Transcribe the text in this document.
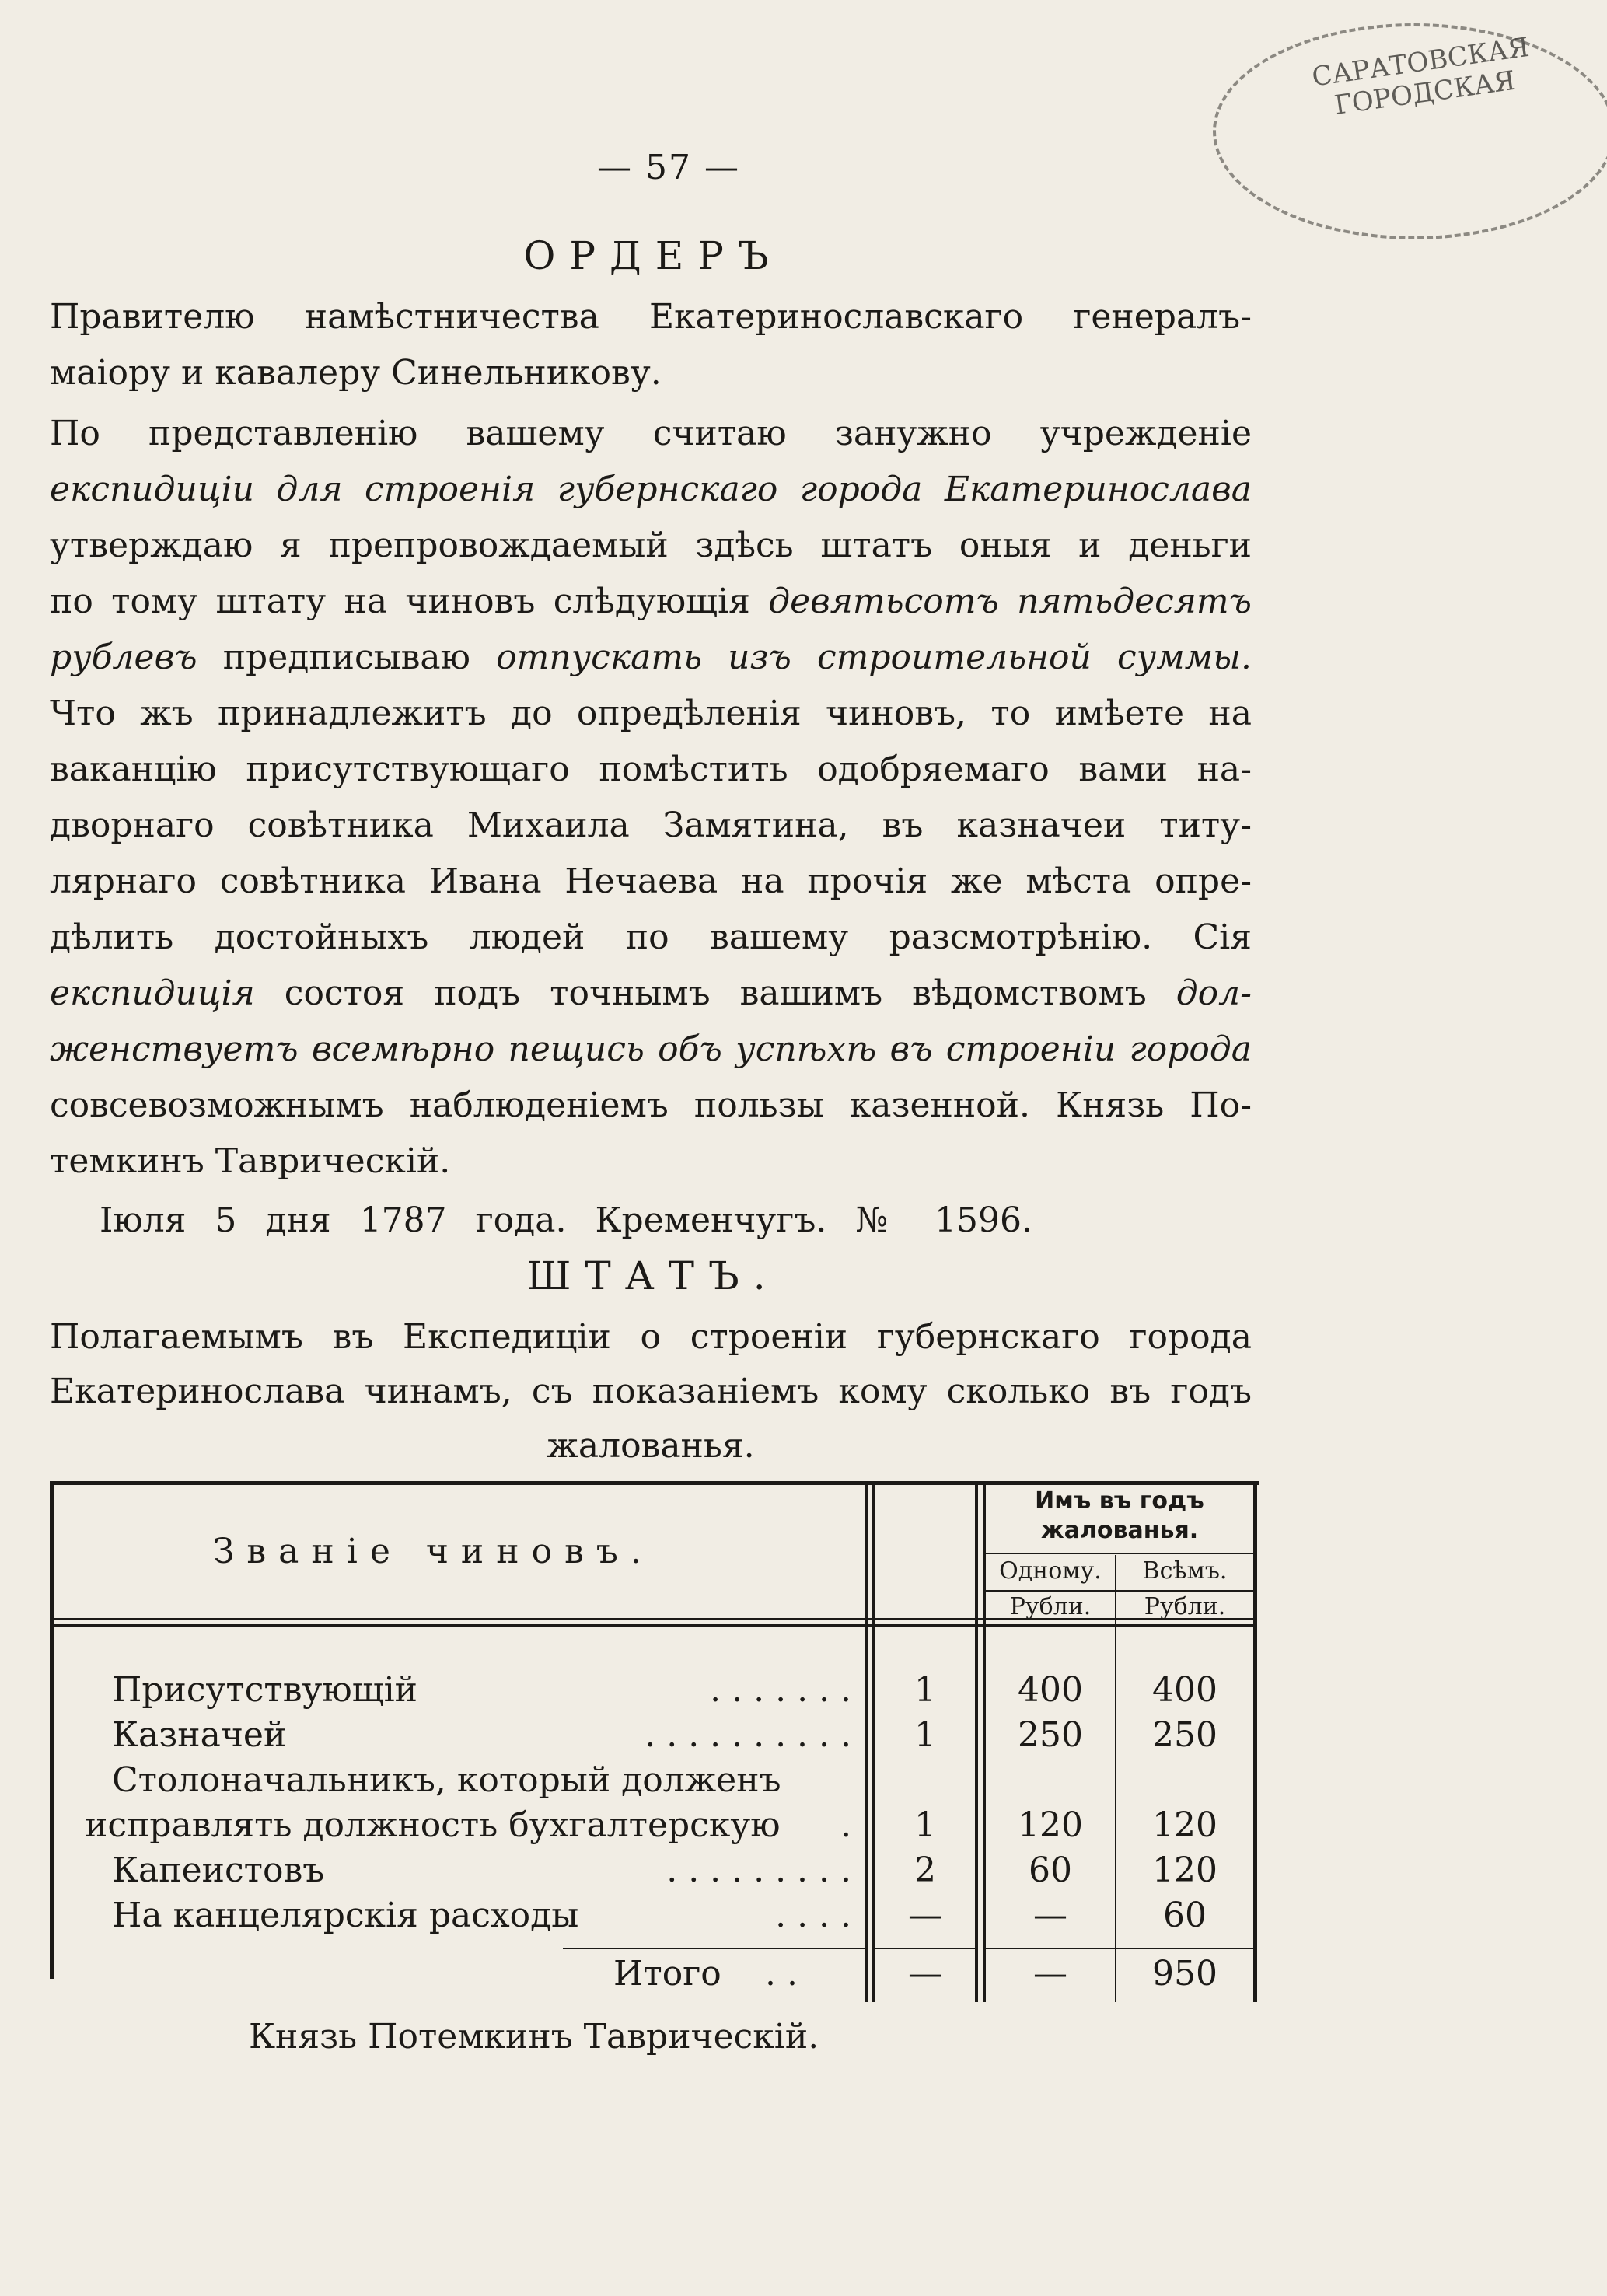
САРАТОВСКАЯ ГОРОДСКАЯ
— 57 —
ОРДЕРЪ
Правителю намѣстничества Екатеринославскаго генералъ-
маіору и кавалеру Синельникову.
По представленію вашему считаю занужно учрежденіе
експидиціи для строенія губернскаго города Екатеринослава
утверждаю я препровождаемый здѣсь штатъ оныя и деньги
по тому штату на чиновъ слѣдующія девятьсотъ пятьдесятъ
рублевъ предписываю отпускать изъ строительной суммы.
Что жъ принадлежитъ до опредѣленія чиновъ, то имѣете на
ваканцію присутствующаго помѣстить одобряемаго вами на-
дворнаго совѣтника Михаила Замятина, въ казначеи титу-
лярнаго совѣтника Ивана Нечаева на прочія же мѣста опре-
дѣлить достойныхъ людей по вашему разсмотрѣнію. Сія
експидиція состоя подъ точнымъ вашимъ вѣдомствомъ дол-
женствуетъ всемѣрно пещись объ успѣхѣ въ строеніи города
совсевозможнымъ наблюденіемъ пользы казенной. Князь По-
темкинъ Таврическій.
Іюля 5 дня 1787 года. Кременчугъ. № 1596.
ШТАТЪ.
Полагаемымъ въ Експедиціи о строеніи губернскаго города
Екатеринослава чинамъ, съ показаніемъ кому сколько въ годъ
жалованья.
Званіе чиновъ.
Имъ въ годъ
жалованья.
Одному.	Всѣмъ.
Рубли.	Рубли.
Присутствующій	. . . . . . .	1	400	400
Казначей	. . . . . . . . . .	1	250	250
Столоначальникъ, который долженъ
исправлять должность бухгалтерскую .	1	120	120
Капеистовъ	. . . . . . . . .	2	60	120
На канцелярскія расходы	. . . .	—	—	60
Итого . .	—	—	950
Князь Потемкинъ Таврическій.
